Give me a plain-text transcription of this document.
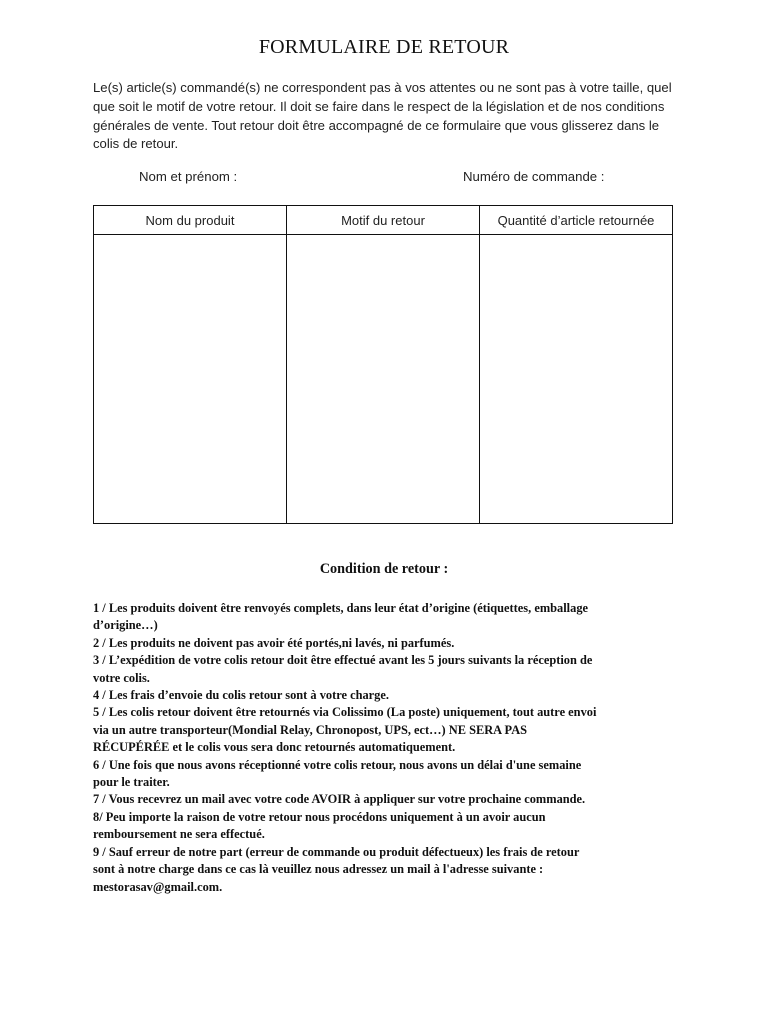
FORMULAIRE DE RETOUR
Le(s) article(s) commandé(s) ne correspondent pas à vos attentes ou ne sont pas à votre taille, quel que soit le motif de votre retour. Il doit se faire dans le respect de la législation et de nos conditions générales de vente. Tout retour doit être accompagné de ce formulaire que vous glisserez dans le colis de retour.
Nom et prénom :	Numéro de commande :
Nom du produit	Motif du retour	Quantité d’article retournée

Condition de retour :
1 / Les produits doivent être renvoyés complets, dans leur état d’origine (étiquettes, emballage
d’origine…)
2 / Les produits ne doivent pas avoir été portés,ni lavés, ni parfumés.
3 / L’expédition de votre colis retour doit être effectué avant les 5 jours suivants la réception de
votre colis.
4 / Les frais d’envoie du colis retour sont à votre charge.
5 / Les colis retour doivent être retournés via Colissimo (La poste) uniquement, tout autre envoi
via un autre transporteur(Mondial Relay, Chronopost, UPS, ect…) NE SERA PAS
RÉCUPÉRÉE et le colis vous sera donc retournés automatiquement.
6 / Une fois que nous avons réceptionné votre colis retour, nous avons un délai d'une semaine
pour le traiter.
7 / Vous recevrez un mail avec votre code AVOIR à appliquer sur votre prochaine commande.
8/ Peu importe la raison de votre retour nous procédons uniquement à un avoir aucun
remboursement ne sera effectué.
9 / Sauf erreur de notre part (erreur de commande ou produit défectueux) les frais de retour
sont à notre charge dans ce cas là veuillez nous adressez un mail à l'adresse suivante :
mestorasav@gmail.com.
